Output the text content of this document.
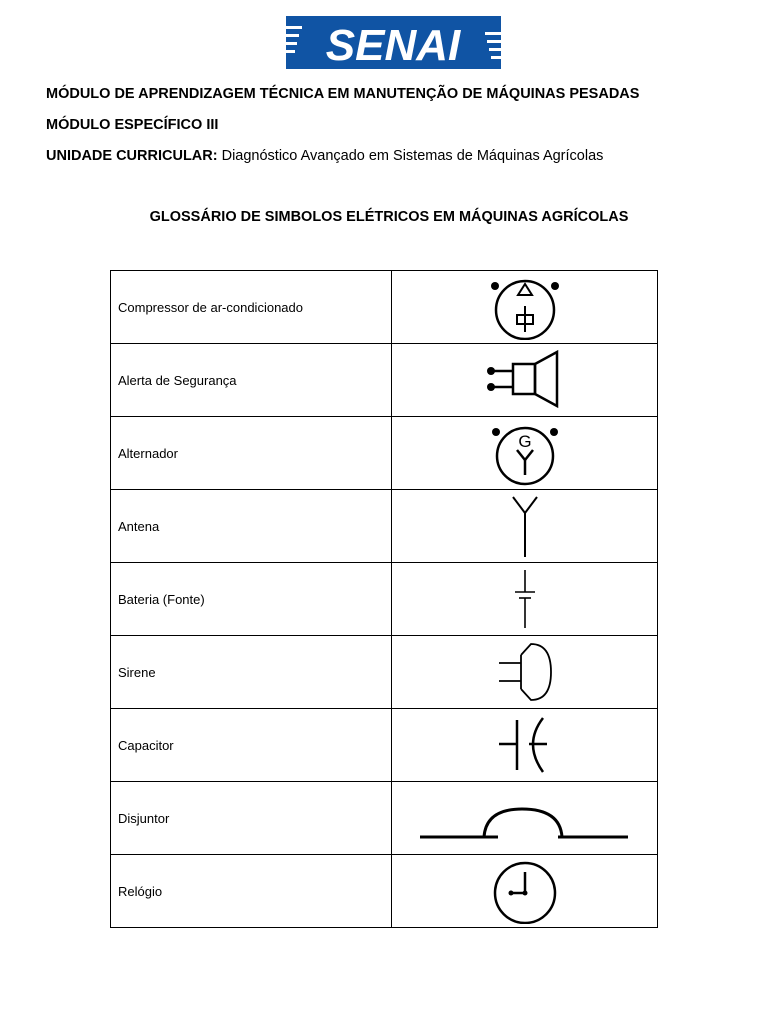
SENAI
MÓDULO DE APRENDIZAGEM TÉCNICA EM MANUTENÇÃO DE MÁQUINAS PESADAS
MÓDULO ESPECÍFICO III
UNIDADE CURRICULAR: Diagnóstico Avançado em Sistemas de Máquinas Agrícolas
GLOSSÁRIO DE SIMBOLOS ELÉTRICOS EM MÁQUINAS AGRÍCOLAS
Compressor de ar-condicionado	

Alerta de Segurança	

Alternador	G

Antena	

Bateria (Fonte)	

Sirene	

Capacitor	

Disjuntor	

Relógio	
